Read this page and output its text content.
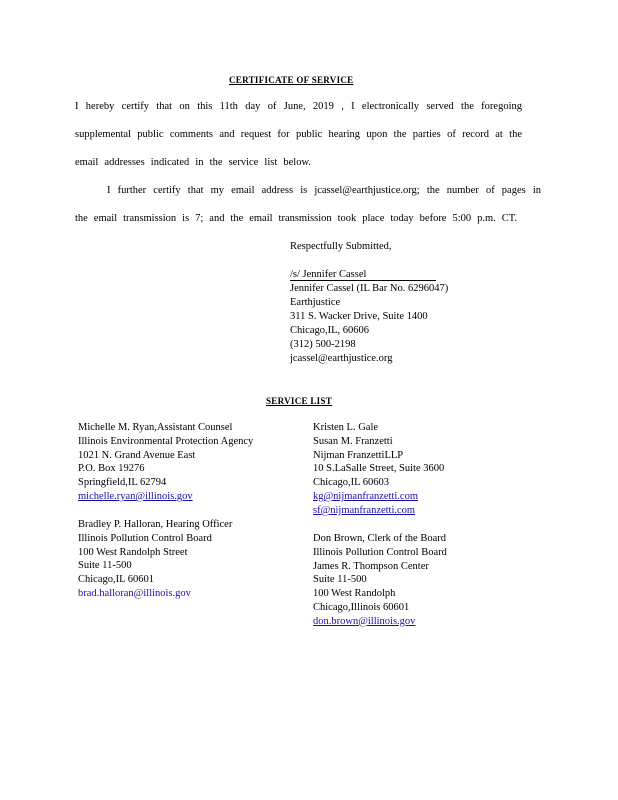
CERTIFICATE OF SERVICE
I hereby certify that on this 11th day of June, 2019 , I electronically served the foregoing
supplemental public comments and request for public hearing upon the parties of record at the
email addresses indicated in the service list below.
I further certify that my email address is jcassel@earthjustice.org; the number of pages in
the email transmission is 7; and the email transmission took place today before 5:00 p.m. CT.
Respectfully Submitted,
/s/ Jennifer Cassel
Jennifer Cassel (IL Bar No. 6296047)
Earthjustice
311 S. Wacker Drive, Suite 1400
Chicago,IL, 60606
(312) 500-2198
jcassel@earthjustice.org
SERVICE LIST
Michelle M. Ryan,Assistant Counsel
Illinois Environmental Protection Agency
1021 N. Grand Avenue East
P.O. Box 19276
Springfield,IL 62794
michelle.ryan@illinois.gov
Bradley P. Halloran, Hearing Officer
Illinois Pollution Control Board
100 West Randolph Street
Suite 11-500
Chicago,IL 60601
brad.halloran@illinois.gov
Kristen L. Gale
Susan M. Franzetti
Nijman FranzettiLLP
10 S.LaSalle Street, Suite 3600
Chicago,IL 60603
kg@nijmanfranzetti.com
sf@nijmanfranzetti.com
Don Brown, Clerk of the Board
Illinois Pollution Control Board
James R. Thompson Center
Suite 11-500
100 West Randolph
Chicago,Illinois 60601
don.brown@illinois.gov
